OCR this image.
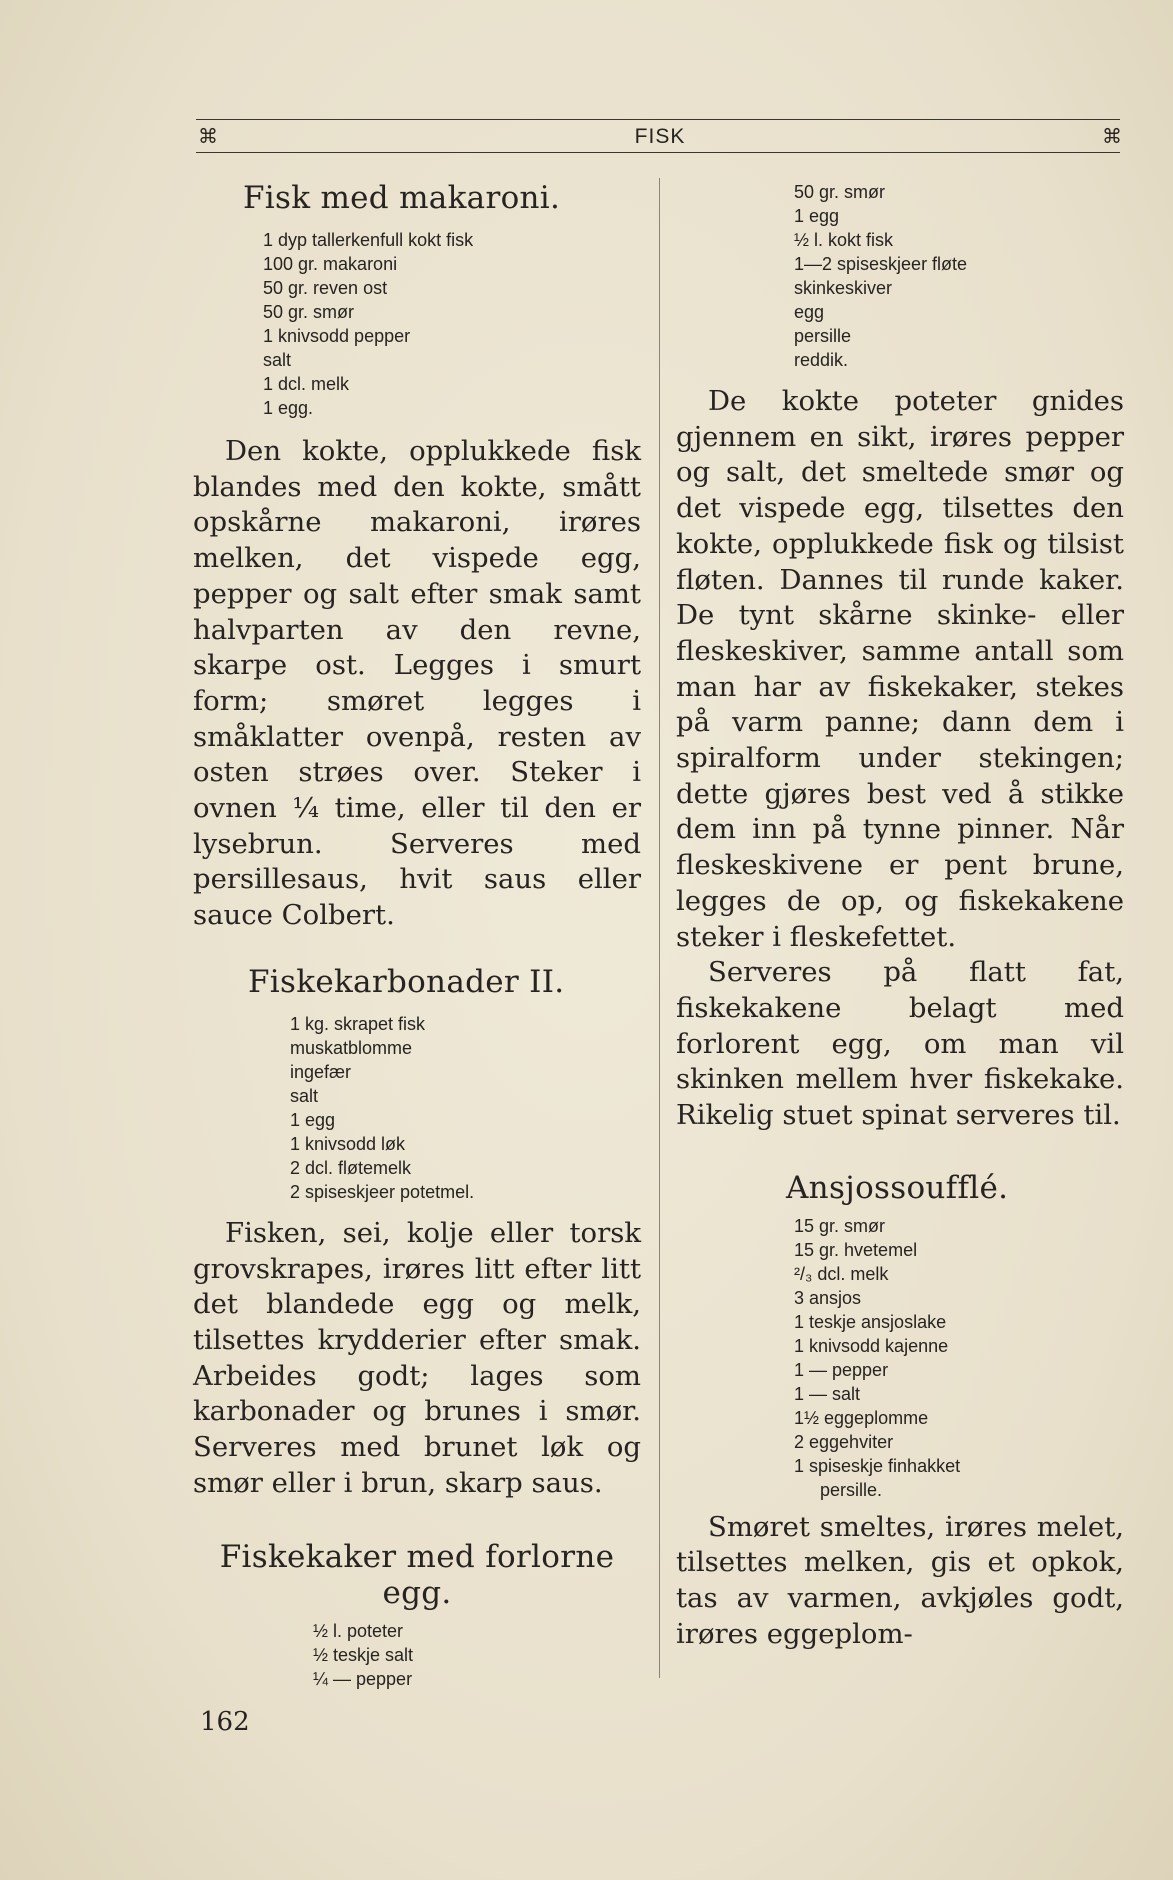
⌘	FISK	⌘
Fisk med makaroni.
1 dyp tallerkenfull kokt fisk
100 gr. makaroni
50 gr. reven ost
50 gr. smør
1 knivsodd pepper
salt
1 dcl. melk
1 egg.

Den kokte, opplukkede fisk blandes med den kokte, smått opskårne makaroni, irøres melken, det vispede egg, pepper og salt efter smak samt halvparten av den revne, skarpe ost. Legges i smurt form; smøret legges i småklatter ovenpå, resten av osten strøes over. Steker i ovnen ¼ time, eller til den er lysebrun. Serveres med persillesaus, hvit saus eller sauce Colbert.

Fiskekarbonader II.
1 kg. skrapet fisk
muskatblomme
ingefær
salt
1 egg
1 knivsodd løk
2 dcl. fløtemelk
2 spiseskjeer potetmel.

Fisken, sei, kolje eller torsk grovskrapes, irøres litt efter litt det blandede egg og melk, tilsettes krydderier efter smak. Arbeides godt; lages som karbonader og brunes i smør. Serveres med brunet løk og smør eller i brun, skarp saus.

Fiskekaker med forlorne
egg.
½ l. poteter
½ teskje salt
¼ — pepper
50 gr. smør
1 egg
½ l. kokt fisk
1—2 spiseskjeer fløte
skinkeskiver
egg
persille
reddik.

De kokte poteter gnides gjennem en sikt, irøres pepper og salt, det smeltede smør og det vispede egg, tilsettes den kokte, opplukkede fisk og tilsist fløten. Dannes til runde kaker. De tynt skårne skinke- eller fleskeskiver, samme antall som man har av fiskekaker, stekes på varm panne; dann dem i spiralform under stekingen; dette gjøres best ved å stikke dem inn på tynne pinner. Når fleskeskivene er pent brune, legges de op, og fiskekakene steker i fleskefettet.

Serveres på flatt fat, fiskekakene belagt med forlorent egg, om man vil skinken mellem hver fiskekake. Rikelig stuet spinat serveres til.

Ansjossoufflé.
15 gr. smør
15 gr. hvetemel
²/₃ dcl. melk
3 ansjos
1 teskje ansjoslake
1 knivsodd kajenne
1 — pepper
1 — salt
1½ eggeplomme
2 eggehviter
1 spiseskje finhakket
persille.

Smøret smeltes, irøres melet, tilsettes melken, gis et opkok, tas av varmen, avkjøles godt, irøres eggeplom-

162
